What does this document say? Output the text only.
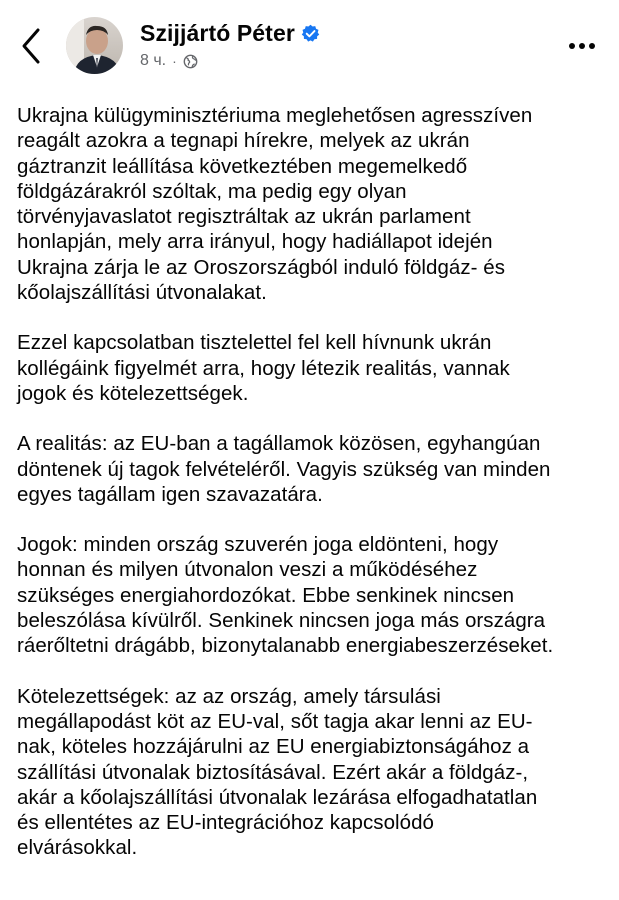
Szijjártó Péter
8 ч. ·

Ukrajna külügyminisztériuma meglehetősen agresszíven
reagált azokra a tegnapi hírekre, melyek az ukrán
gáztranzit leállítása következtében megemelkedő
földgázárakról szóltak, ma pedig egy olyan
törvényjavaslatot regisztráltak az ukrán parlament
honlapján, mely arra irányul, hogy hadiállapot idején
Ukrajna zárja le az Oroszországból induló földgáz- és
kőolajszállítási útvonalakat.

Ezzel kapcsolatban tisztelettel fel kell hívnunk ukrán
kollégáink figyelmét arra, hogy létezik realitás, vannak
jogok és kötelezettségek.

A realitás: az EU-ban a tagállamok közösen, egyhangúan
döntenek új tagok felvételéről. Vagyis szükség van minden
egyes tagállam igen szavazatára.

Jogok: minden ország szuverén joga eldönteni, hogy
honnan és milyen útvonalon veszi a működéséhez
szükséges energiahordozókat. Ebbe senkinek nincsen
beleszólása kívülről. Senkinek nincsen joga más országra
ráerőltetni drágább, bizonytalanabb energiabeszerzéseket.

Kötelezettségek: az az ország, amely társulási
megállapodást köt az EU-val, sőt tagja akar lenni az EU-
nak, köteles hozzájárulni az EU energiabiztonságához a
szállítási útvonalak biztosításával. Ezért akár a földgáz-,
akár a kőolajszállítási útvonalak lezárása elfogadhatatlan
és ellentétes az EU-integrációhoz kapcsolódó
elvárásokkal.
